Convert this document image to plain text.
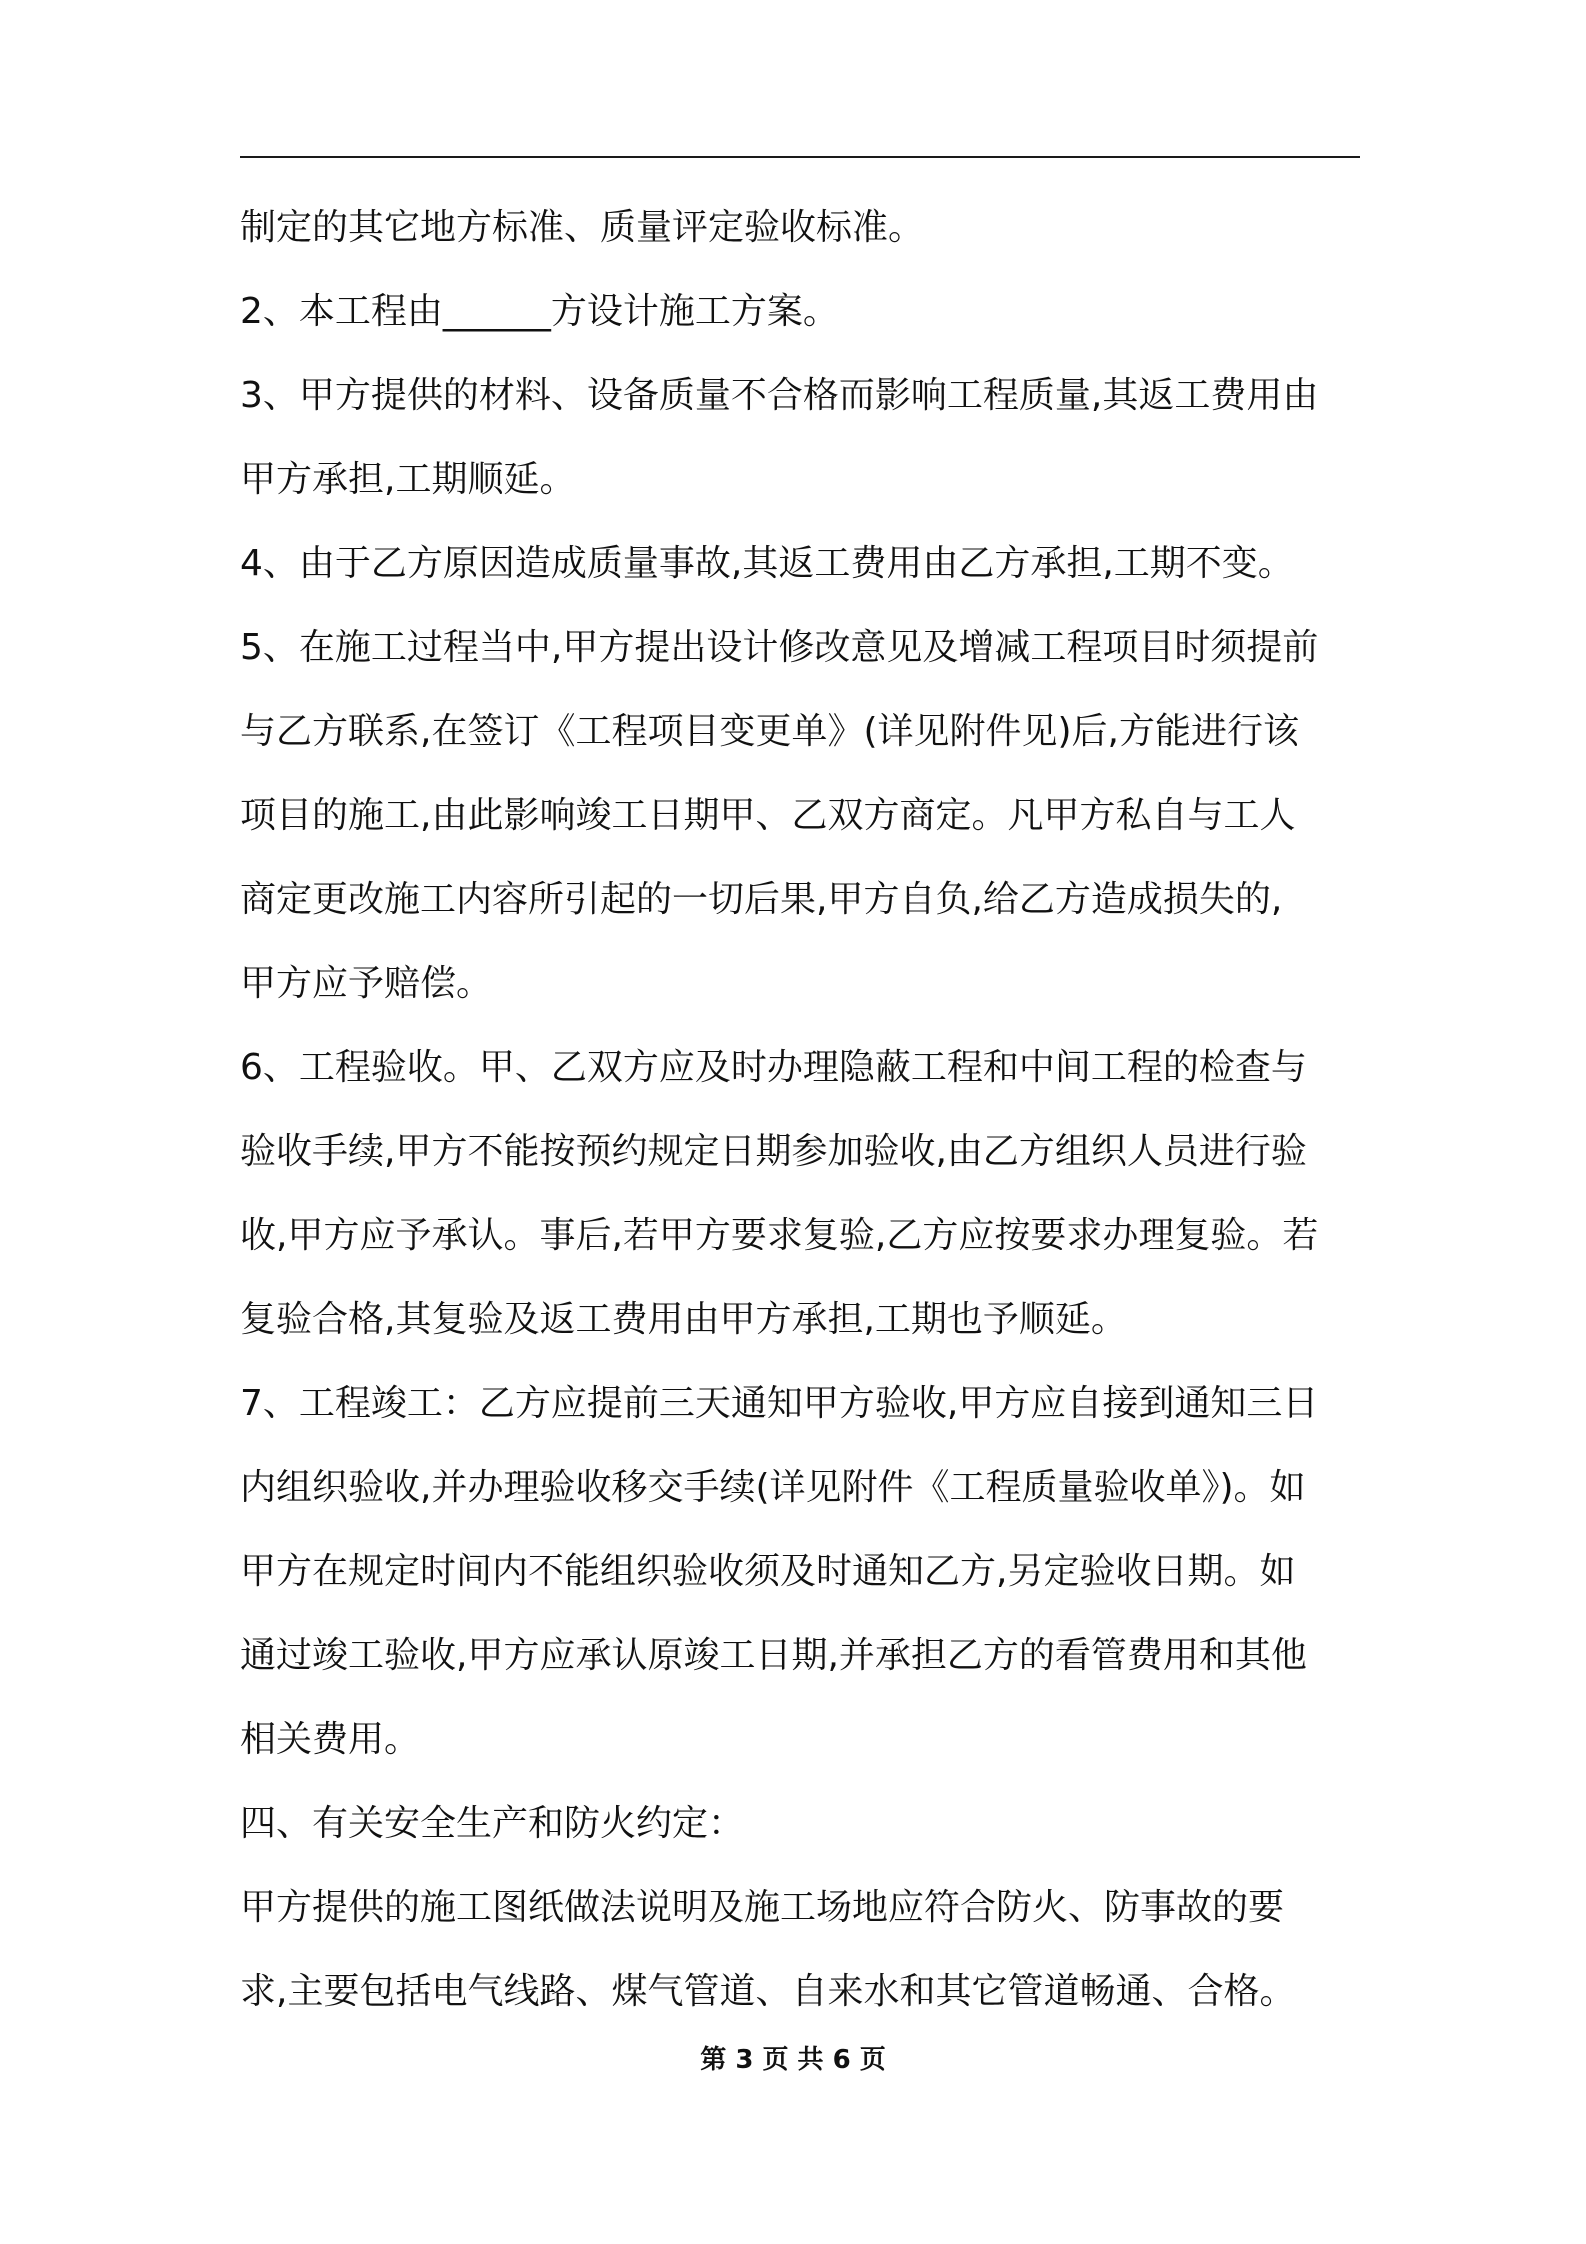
制定的其它地方标准、质量评定验收标准。
2、本工程由______方设计施工方案。
3、甲方提供的材料、设备质量不合格而影响工程质量,其返工费用由
甲方承担,工期顺延。
4、由于乙方原因造成质量事故,其返工费用由乙方承担,工期不变。
5、在施工过程当中,甲方提出设计修改意见及增减工程项目时须提前
与乙方联系,在签订《工程项目变更单》(详见附件见)后,方能进行该
项目的施工,由此影响竣工日期甲、乙双方商定。凡甲方私自与工人
商定更改施工内容所引起的一切后果,甲方自负,给乙方造成损失的,
甲方应予赔偿。
6、工程验收。甲、乙双方应及时办理隐蔽工程和中间工程的检查与
验收手续,甲方不能按预约规定日期参加验收,由乙方组织人员进行验
收,甲方应予承认。事后,若甲方要求复验,乙方应按要求办理复验。若
复验合格,其复验及返工费用由甲方承担,工期也予顺延。
7、工程竣工：乙方应提前三天通知甲方验收,甲方应自接到通知三日
内组织验收,并办理验收移交手续(详见附件《工程质量验收单》)。如
甲方在规定时间内不能组织验收须及时通知乙方,另定验收日期。如
通过竣工验收,甲方应承认原竣工日期,并承担乙方的看管费用和其他
相关费用。
四、有关安全生产和防火约定：
甲方提供的施工图纸做法说明及施工场地应符合防火、防事故的要
求,主要包括电气线路、煤气管道、自来水和其它管道畅通、合格。
第 3 页 共 6 页
